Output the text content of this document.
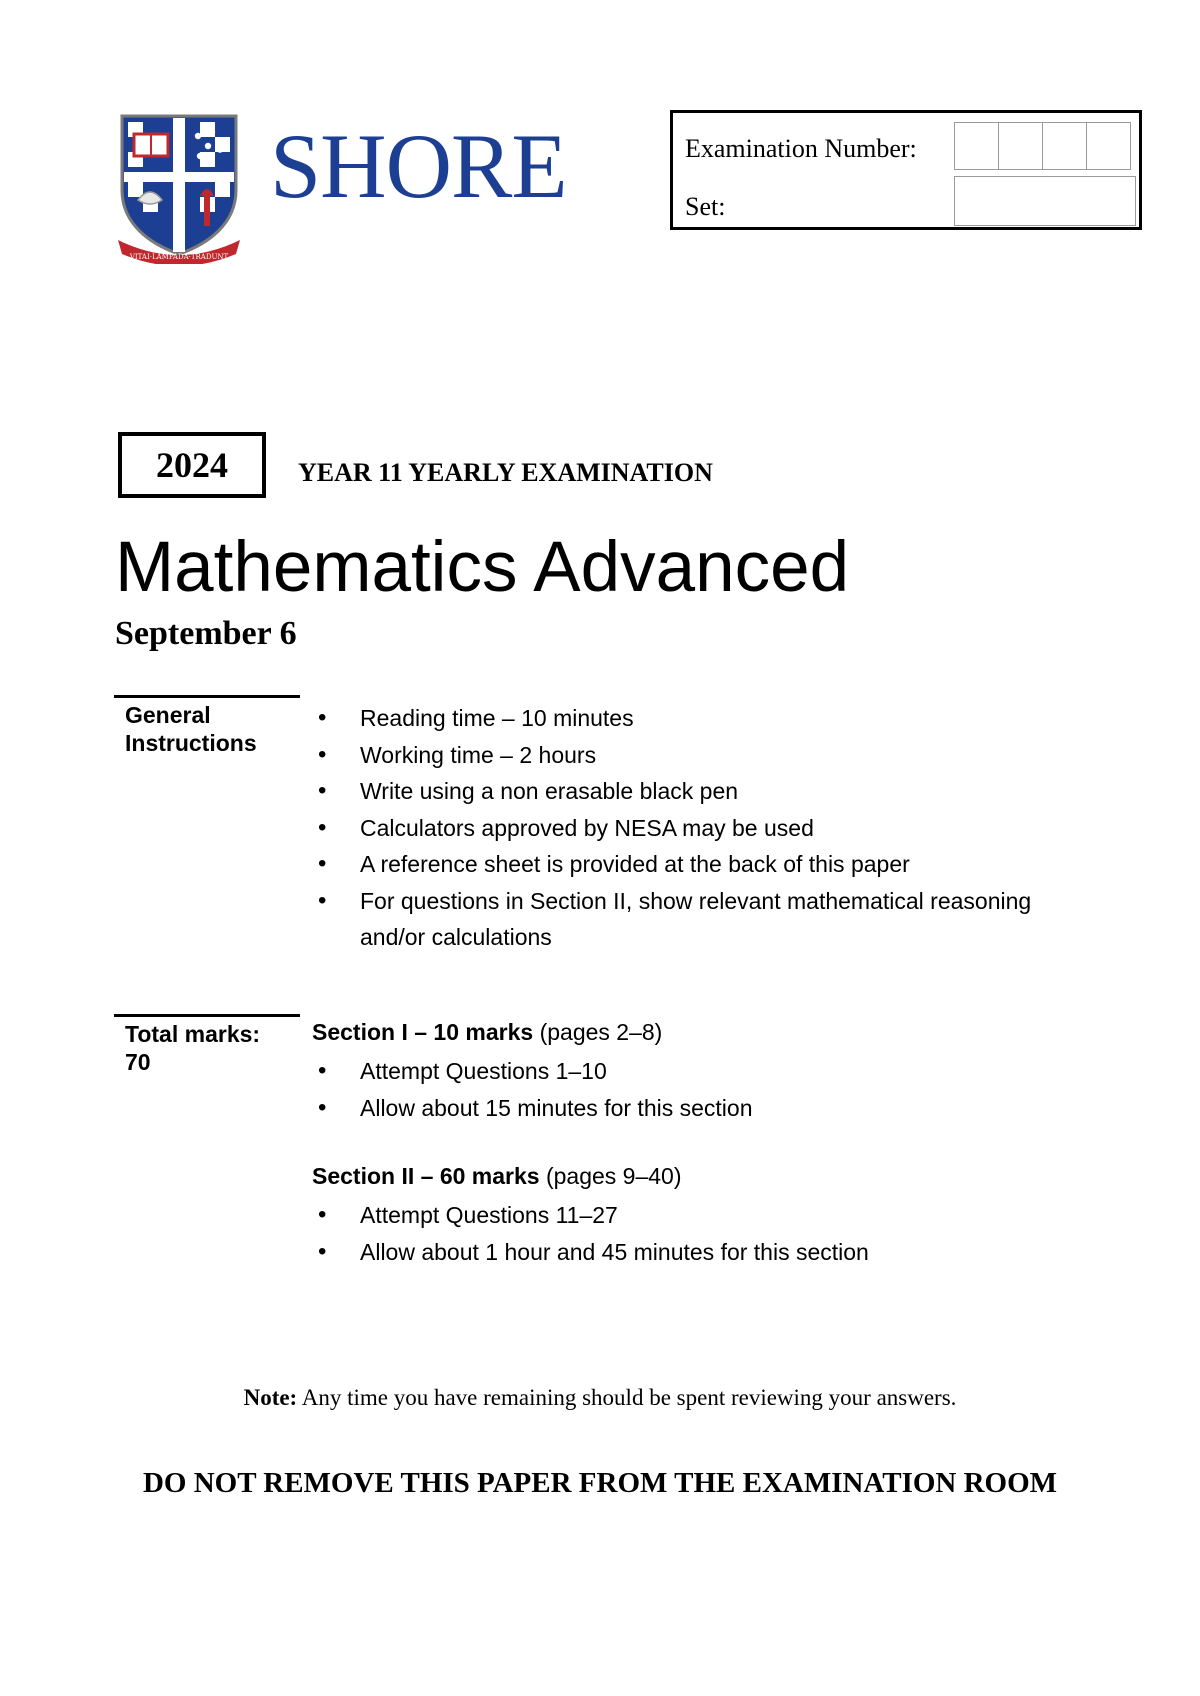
VITAI·LAMPADA·TRADUNT
SHORE	Examination Number:
Set:
2024	YEAR 11 YEARLY EXAMINATION
Mathematics Advanced
September 6
General Instructions
• Reading time – 10 minutes
• Working time – 2 hours
• Write using a non erasable black pen
• Calculators approved by NESA may be used
• A reference sheet is provided at the back of this paper
• For questions in Section II, show relevant mathematical reasoning and/or calculations
Total marks:
70
Section I – 10 marks (pages 2–8)
• Attempt Questions 1–10
• Allow about 15 minutes for this section
Section II – 60 marks (pages 9–40)
• Attempt Questions 11–27
• Allow about 1 hour and 45 minutes for this section
Note: Any time you have remaining should be spent reviewing your answers.
DO NOT REMOVE THIS PAPER FROM THE EXAMINATION ROOM
